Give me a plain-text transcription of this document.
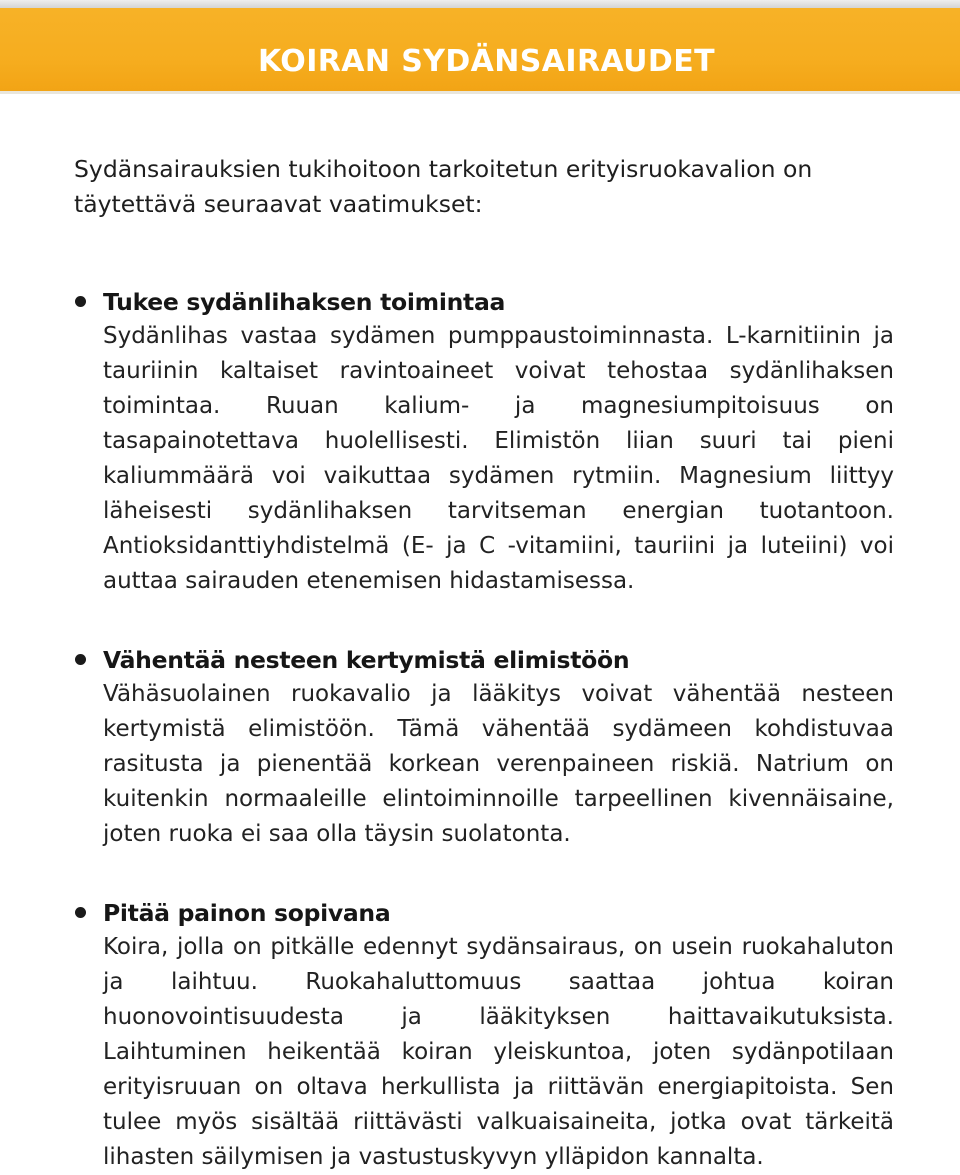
KOIRAN SYDÄNSAIRAUDET

Sydänsairauksien tukihoitoon tarkoitetun erityisruokavalion on täytettävä seuraavat vaatimukset:

Tukee sydänlihaksen toimintaa

Sydänlihas vastaa sydämen pumppaustoiminnasta. L-karnitiinin ja tauriinin kaltaiset ravintoaineet voivat tehostaa sydänlihaksen toimintaa. Ruuan kalium- ja magnesiumpitoisuus on tasapainotettava huolellisesti. Elimistön liian suuri tai pieni kaliummäärä voi vaikuttaa sydämen rytmiin. Magnesium liittyy läheisesti sydänlihaksen tarvitseman energian tuotantoon. Antioksidanttiyhdistelmä (E- ja C -vitamiini, tauriini ja luteiini) voi auttaa sairauden etenemisen hidastamisessa.

Vähentää nesteen kertymistä elimistöön

Vähäsuolainen ruokavalio ja lääkitys voivat vähentää nesteen kertymistä elimistöön. Tämä vähentää sydämeen kohdistuvaa rasitusta ja pienentää korkean verenpaineen riskiä. Natrium on kuitenkin normaaleille elintoiminnoille tarpeellinen kivennäisaine, joten ruoka ei saa olla täysin suolatonta.

Pitää painon sopivana

Koira, jolla on pitkälle edennyt sydänsairaus, on usein ruokahaluton ja laihtuu. Ruokahaluttomuus saattaa johtua koiran huonovointisuudesta ja lääkityksen haittavaikutuksista. Laihtuminen heikentää koiran yleiskuntoa, joten sydänpotilaan erityisruuan on oltava herkullista ja riittävän energiapitoista. Sen tulee myös sisältää riittävästi valkuaisaineita, jotka ovat tärkeitä lihasten säilymisen ja vastustuskyvyn ylläpidon kannalta.
